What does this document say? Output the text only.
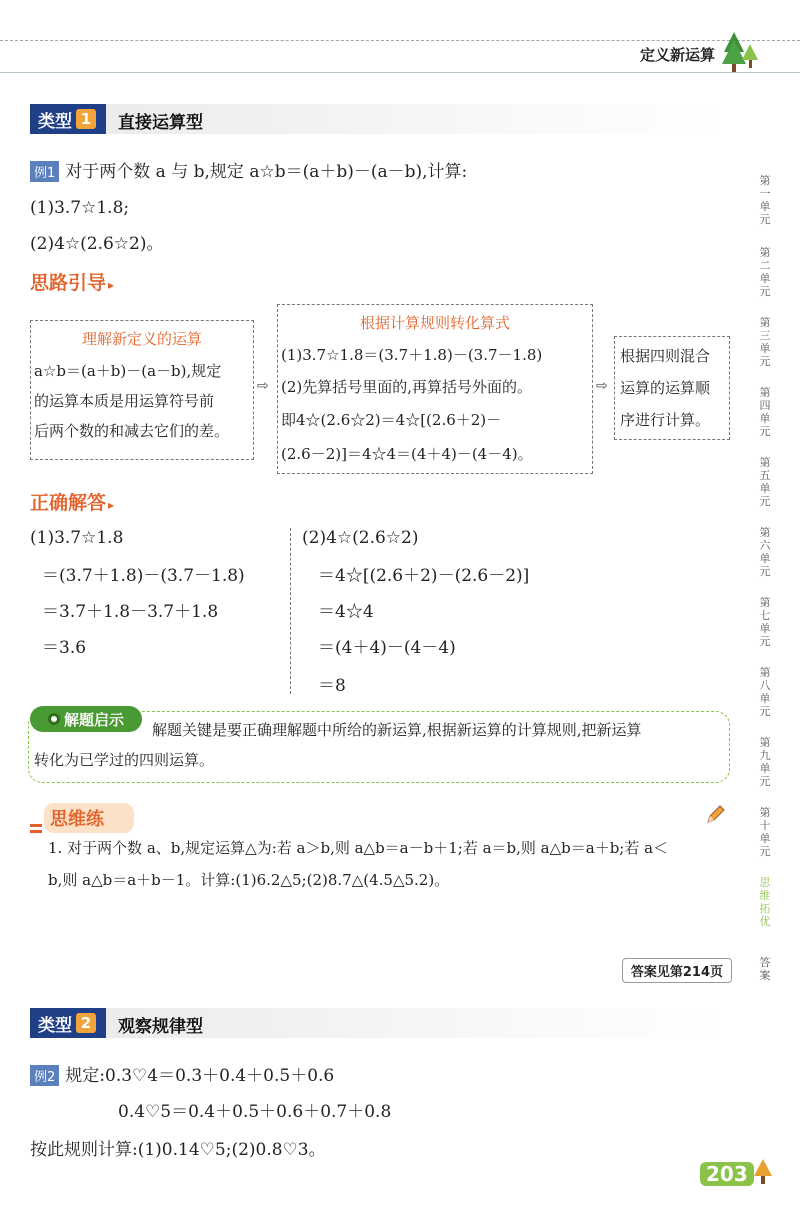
定义新运算
类型 1 直接运算型
例1 对于两个数 a 与 b,规定 a☆b＝(a＋b)－(a－b),计算:
(1)3.7☆1.8;
(2)4☆(2.6☆2)。
思路引导 ▸
理解新定义的运算
a☆b＝(a＋b)－(a－b),规定
的运算本质是用运算符号前
后两个数的和减去它们的差。
⇨
根据计算规则转化算式
(1)3.7☆1.8＝(3.7＋1.8)－(3.7－1.8)
(2)先算括号里面的,再算括号外面的。
即4☆(2.6☆2)＝4☆[(2.6＋2)－
(2.6－2)]＝4☆4＝(4＋4)－(4－4)。
⇨
根据四则混合
运算的运算顺
序进行计算。
正确解答 ▸
(1)3.7☆1.8
＝(3.7＋1.8)－(3.7－1.8)
＝3.7＋1.8－3.7＋1.8
＝3.6
(2)4☆(2.6☆2)
＝4☆[(2.6＋2)－(2.6－2)]
＝4☆4
＝(4＋4)－(4－4)
＝8
解题启示
解题关键是要正确理解题中所给的新运算,根据新运算的计算规则,把新运算
转化为已学过的四则运算。
思维练
1. 对于两个数 a、b,规定运算△为:若 a＞b,则 a△b＝a－b＋1;若 a＝b,则 a△b＝a＋b;若 a＜
b,则 a△b＝a＋b－1。计算:(1)6.2△5;(2)8.7△(4.5△5.2)。
答案见第214页
类型 2 观察规律型
例2 规定:0.3♡4＝0.3＋0.4＋0.5＋0.6
0.4♡5＝0.4＋0.5＋0.6＋0.7＋0.8
按此规则计算:(1)0.14♡5;(2)0.8♡3。
第
一
单
元
第
二
单
元
第
三
单
元
第
四
单
元
第
五
单
元
第
六
单
元
第
七
单
元
第
八
单
元
第
九
单
元
第
十
单
元
思
维
拓
优
答
案
203
